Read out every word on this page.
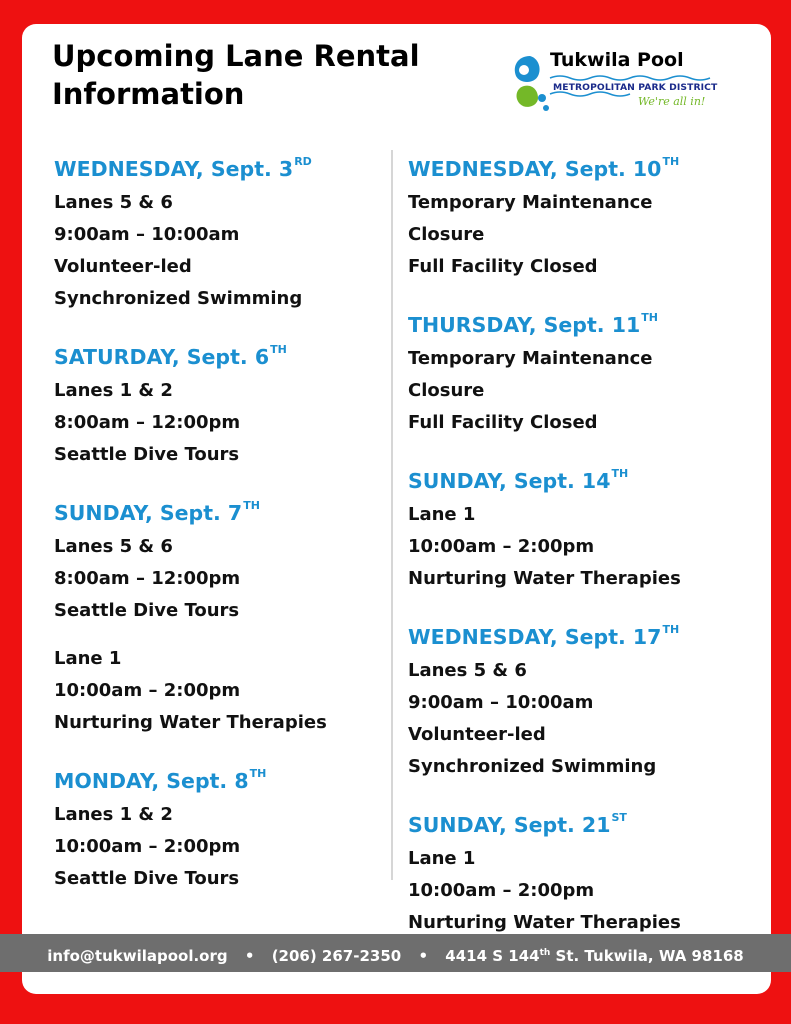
Upcoming Lane Rental
Information
Tukwila Pool
METROPOLITAN PARK DISTRICT
We're all in!
WEDNESDAY, Sept. 3RD
Lanes 5 & 6
9:00am – 10:00am
Volunteer-led
Synchronized Swimming
SATURDAY, Sept. 6TH
Lanes 1 & 2
8:00am – 12:00pm
Seattle Dive Tours
SUNDAY, Sept. 7TH
Lanes 5 & 6
8:00am – 12:00pm
Seattle Dive Tours
Lane 1
10:00am – 2:00pm
Nurturing Water Therapies
MONDAY, Sept. 8TH
Lanes 1 & 2
10:00am – 2:00pm
Seattle Dive Tours
WEDNESDAY, Sept. 10TH
Temporary Maintenance
Closure
Full Facility Closed
THURSDAY, Sept. 11TH
Temporary Maintenance
Closure
Full Facility Closed
SUNDAY, Sept. 14TH
Lane 1
10:00am – 2:00pm
Nurturing Water Therapies
WEDNESDAY, Sept. 17TH
Lanes 5 & 6
9:00am – 10:00am
Volunteer-led
Synchronized Swimming
SUNDAY, Sept. 21ST
Lane 1
10:00am – 2:00pm
Nurturing Water Therapies
info@tukwilapool.org • (206) 267-2350 • 4414 S 144th St. Tukwila, WA 98168
